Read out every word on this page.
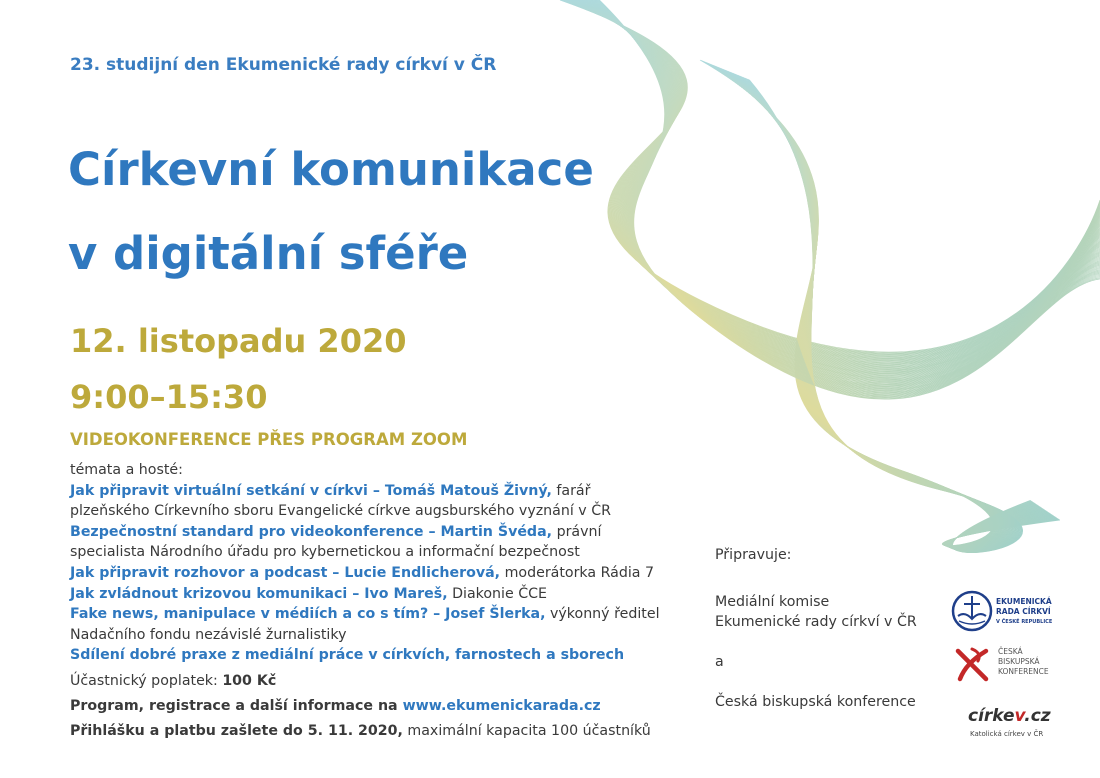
23. studijní den Ekumenické rady církví v ČR
Církevní komunikace
v digitální sféře
12. listopadu 2020
9:00–15:30
VIDEOKONFERENCE PŘES PROGRAM ZOOM
témata a hosté:
Jak připravit virtuální setkání v církvi – Tomáš Matouš Živný, farář plzeňského Církevního sboru Evangelické církve augsburského vyznání v ČR
Bezpečnostní standard pro videokonference – Martin Švéda, právní specialista Národního úřadu pro kybernetickou a informační bezpečnost
Jak připravit rozhovor a podcast – Lucie Endlicherová, moderátorka Rádia 7
Jak zvládnout krizovou komunikaci – Ivo Mareš, Diakonie ČCE
Fake news, manipulace v médiích a co s tím? – Josef Šlerka, výkonný ředitel Nadačního fondu nezávislé žurnalistiky
Sdílení dobré praxe z mediální práce v církvích, farnostech a sborech
Účastnický poplatek: 100 Kč
Program, registrace a další informace na www.ekumenickarada.cz
Přihlášku a platbu zašlete do 5. 11. 2020, maximální kapacita 100 účastníků
Připravuje:
Mediální komise
Ekumenické rady církví v ČR
a
Česká biskupská konference
EKUMENICKÁ
RADA CÍRKVÍ
V ČESKÉ REPUBLICE
ČESKÁ
BISKUPSKÁ
KONFERENCE
církev.cz
Katolická církev v ČR
